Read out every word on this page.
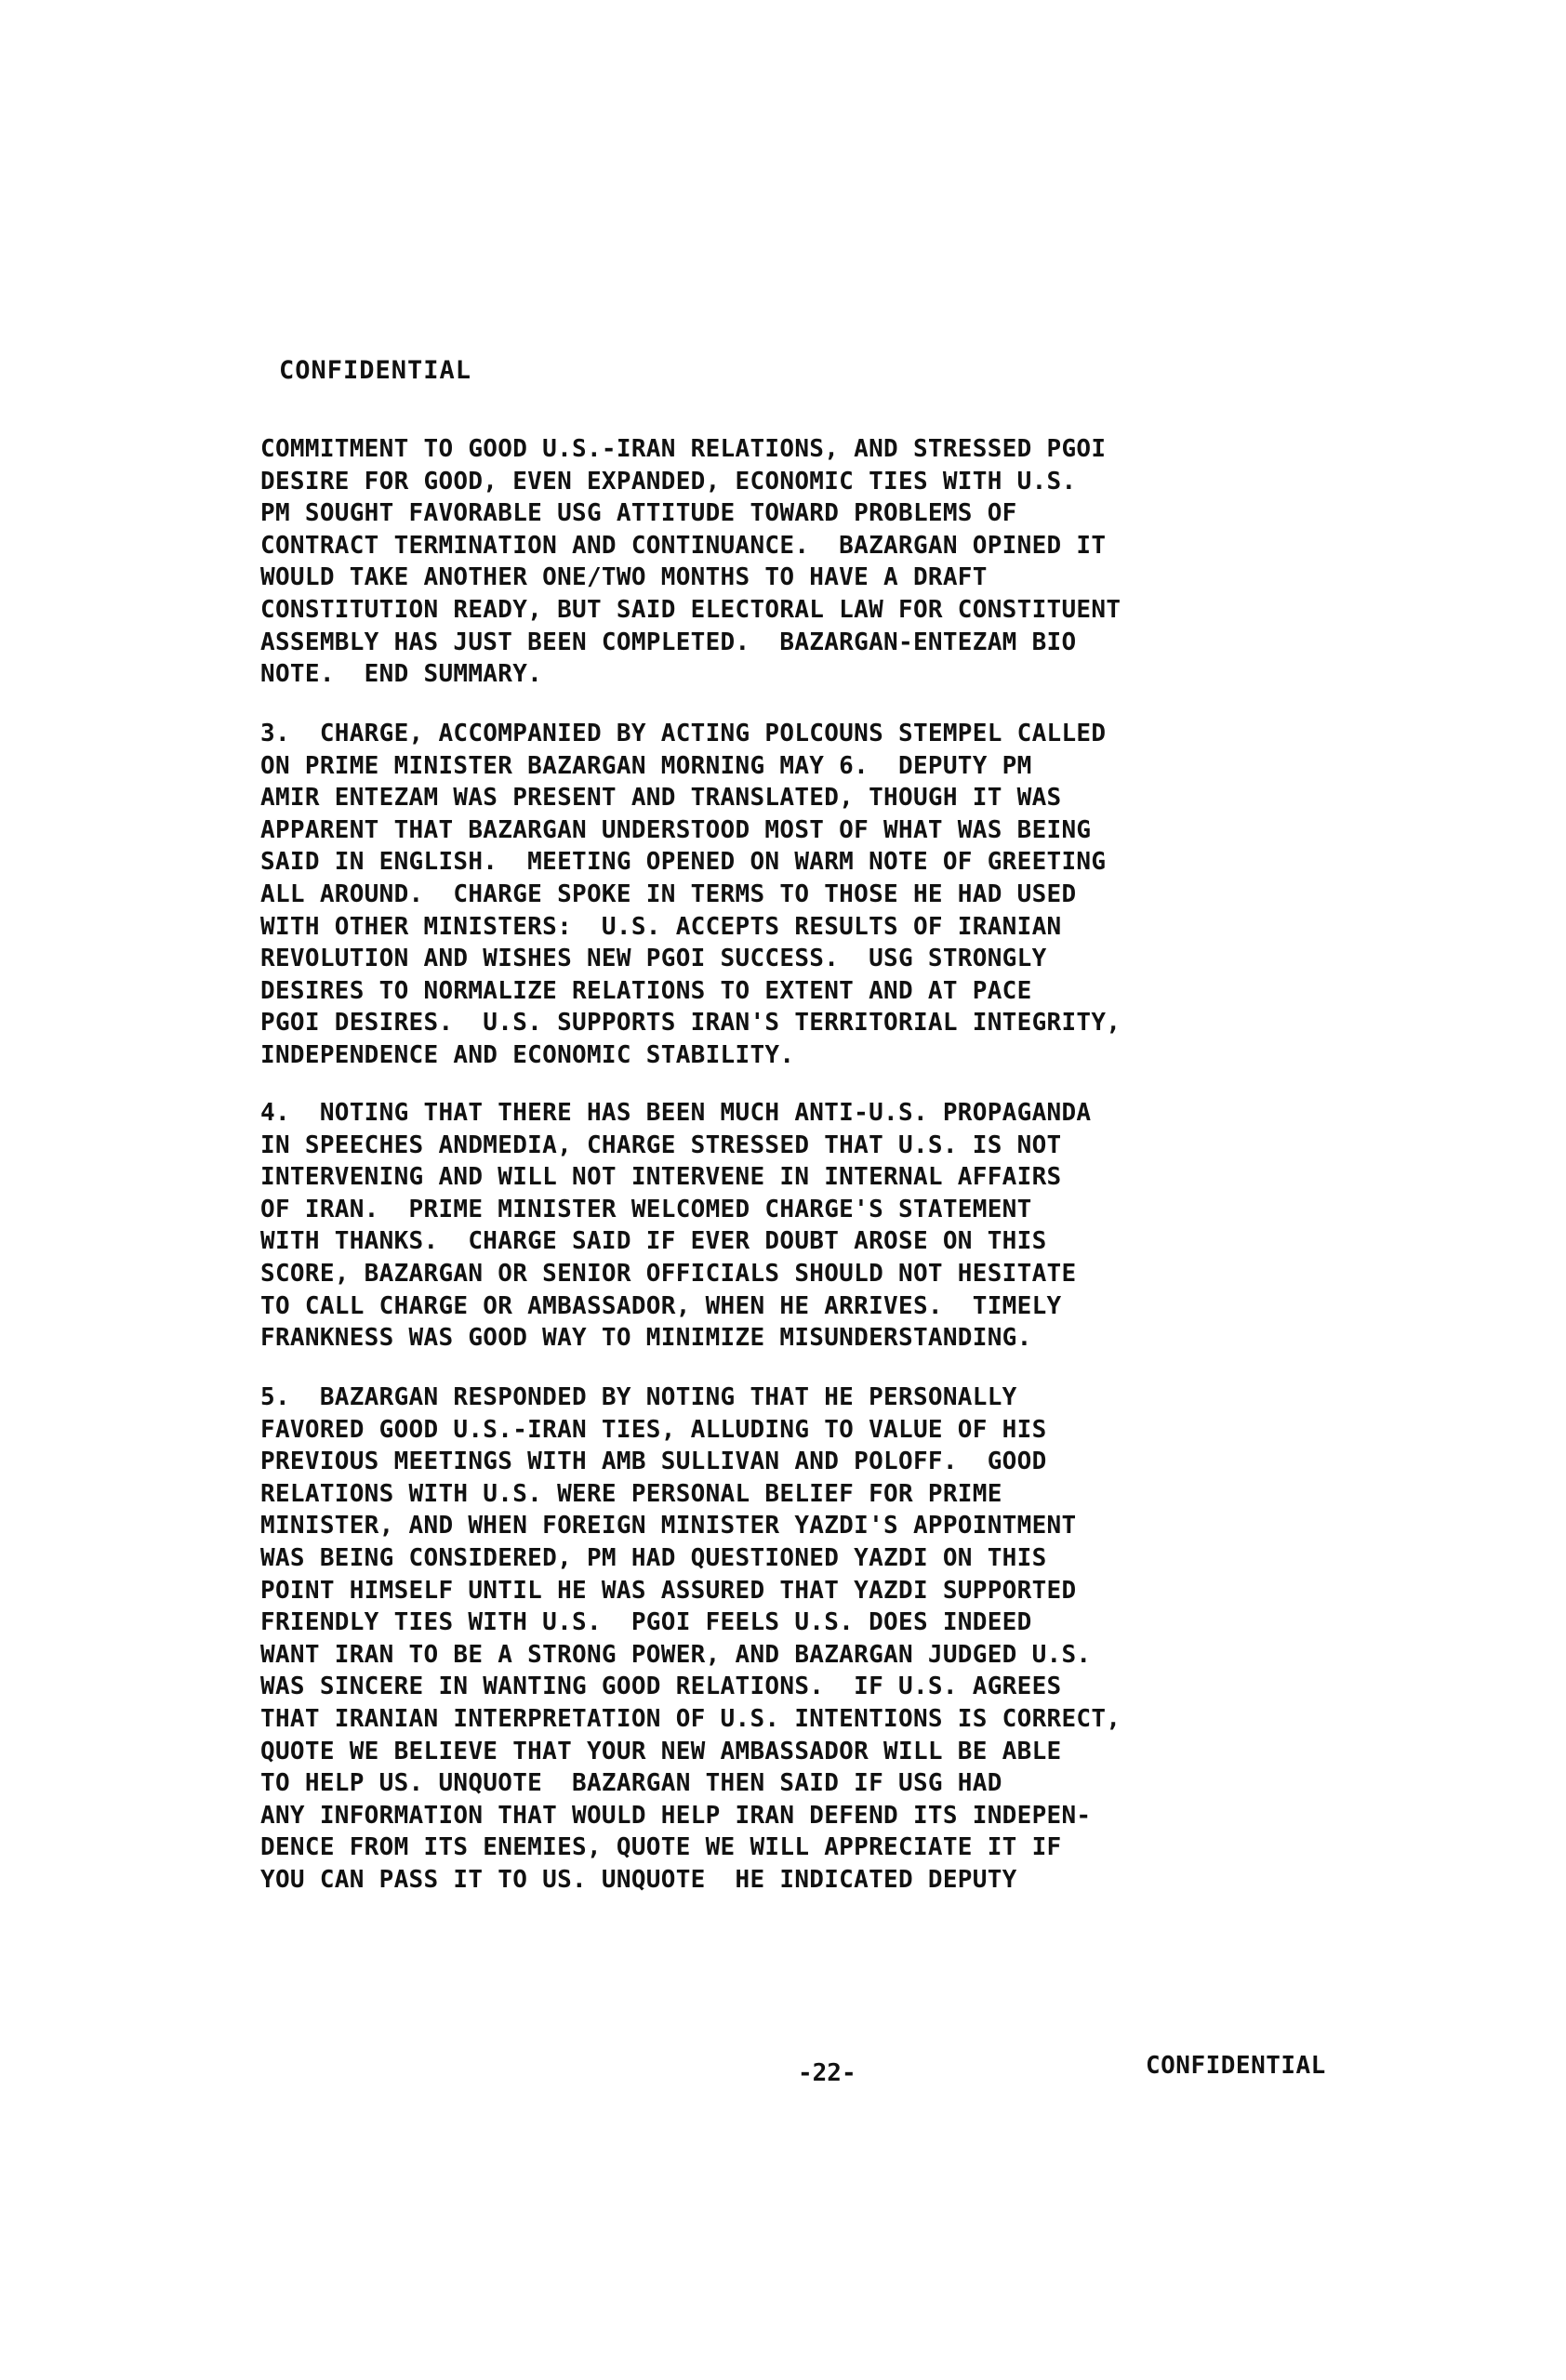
CONFIDENTIAL
COMMITMENT TO GOOD U.S.-IRAN RELATIONS, AND STRESSED PGOI
DESIRE FOR GOOD, EVEN EXPANDED, ECONOMIC TIES WITH U.S.
PM SOUGHT FAVORABLE USG ATTITUDE TOWARD PROBLEMS OF
CONTRACT TERMINATION AND CONTINUANCE.  BAZARGAN OPINED IT
WOULD TAKE ANOTHER ONE/TWO MONTHS TO HAVE A DRAFT
CONSTITUTION READY, BUT SAID ELECTORAL LAW FOR CONSTITUENT
ASSEMBLY HAS JUST BEEN COMPLETED.  BAZARGAN-ENTEZAM BIO
NOTE.  END SUMMARY.
3.  CHARGE, ACCOMPANIED BY ACTING POLCOUNS STEMPEL CALLED
ON PRIME MINISTER BAZARGAN MORNING MAY 6.  DEPUTY PM
AMIR ENTEZAM WAS PRESENT AND TRANSLATED, THOUGH IT WAS
APPARENT THAT BAZARGAN UNDERSTOOD MOST OF WHAT WAS BEING
SAID IN ENGLISH.  MEETING OPENED ON WARM NOTE OF GREETING
ALL AROUND.  CHARGE SPOKE IN TERMS TO THOSE HE HAD USED
WITH OTHER MINISTERS:  U.S. ACCEPTS RESULTS OF IRANIAN
REVOLUTION AND WISHES NEW PGOI SUCCESS.  USG STRONGLY
DESIRES TO NORMALIZE RELATIONS TO EXTENT AND AT PACE
PGOI DESIRES.  U.S. SUPPORTS IRAN'S TERRITORIAL INTEGRITY,
INDEPENDENCE AND ECONOMIC STABILITY.
4.  NOTING THAT THERE HAS BEEN MUCH ANTI-U.S. PROPAGANDA
IN SPEECHES ANDMEDIA, CHARGE STRESSED THAT U.S. IS NOT
INTERVENING AND WILL NOT INTERVENE IN INTERNAL AFFAIRS
OF IRAN.  PRIME MINISTER WELCOMED CHARGE'S STATEMENT
WITH THANKS.  CHARGE SAID IF EVER DOUBT AROSE ON THIS
SCORE, BAZARGAN OR SENIOR OFFICIALS SHOULD NOT HESITATE
TO CALL CHARGE OR AMBASSADOR, WHEN HE ARRIVES.  TIMELY
FRANKNESS WAS GOOD WAY TO MINIMIZE MISUNDERSTANDING.
5.  BAZARGAN RESPONDED BY NOTING THAT HE PERSONALLY
FAVORED GOOD U.S.-IRAN TIES, ALLUDING TO VALUE OF HIS
PREVIOUS MEETINGS WITH AMB SULLIVAN AND POLOFF.  GOOD
RELATIONS WITH U.S. WERE PERSONAL BELIEF FOR PRIME
MINISTER, AND WHEN FOREIGN MINISTER YAZDI'S APPOINTMENT
WAS BEING CONSIDERED, PM HAD QUESTIONED YAZDI ON THIS
POINT HIMSELF UNTIL HE WAS ASSURED THAT YAZDI SUPPORTED
FRIENDLY TIES WITH U.S.  PGOI FEELS U.S. DOES INDEED
WANT IRAN TO BE A STRONG POWER, AND BAZARGAN JUDGED U.S.
WAS SINCERE IN WANTING GOOD RELATIONS.  IF U.S. AGREES
THAT IRANIAN INTERPRETATION OF U.S. INTENTIONS IS CORRECT,
QUOTE WE BELIEVE THAT YOUR NEW AMBASSADOR WILL BE ABLE
TO HELP US. UNQUOTE  BAZARGAN THEN SAID IF USG HAD
ANY INFORMATION THAT WOULD HELP IRAN DEFEND ITS INDEPEN-
DENCE FROM ITS ENEMIES, QUOTE WE WILL APPRECIATE IT IF
YOU CAN PASS IT TO US. UNQUOTE  HE INDICATED DEPUTY
-22-	CONFIDENTIAL
